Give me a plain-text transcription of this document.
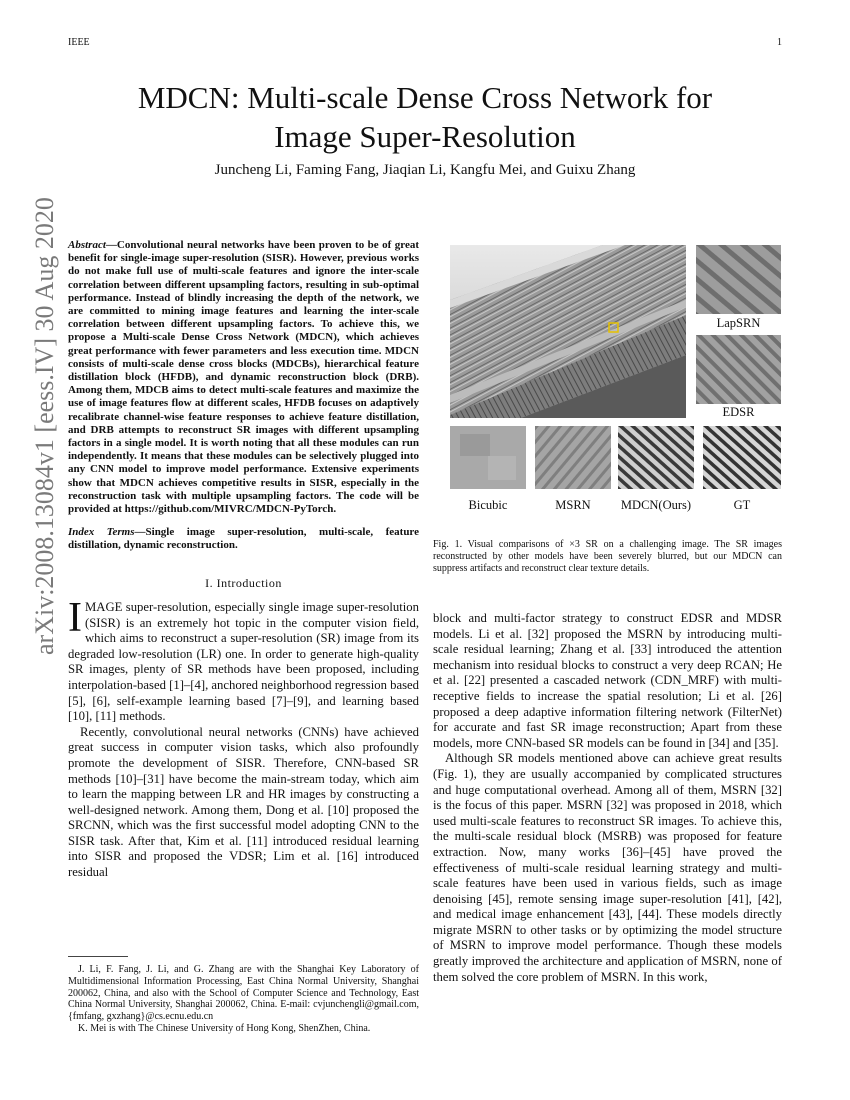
IEEE	1
arXiv:2008.13084v1 [eess.IV] 30 Aug 2020
MDCN: Multi-scale Dense Cross Network for
Image Super-Resolution
Juncheng Li, Faming Fang, Jiaqian Li, Kangfu Mei, and Guixu Zhang

Abstract—Convolutional neural networks have been proven to be of great benefit for single-image super-resolution (SISR). However, previous works do not make full use of multi-scale features and ignore the inter-scale correlation between different upsampling factors, resulting in sub-optimal performance. Instead of blindly increasing the depth of the network, we are committed to mining image features and learning the inter-scale correlation between different upsampling factors. To achieve this, we propose a Multi-scale Dense Cross Network (MDCN), which achieves great performance with fewer parameters and less execution time. MDCN consists of multi-scale dense cross blocks (MDCBs), hierarchical feature distillation block (HFDB), and dynamic reconstruction block (DRB). Among them, MDCB aims to detect multi-scale features and maximize the use of image features flow at different scales, HFDB focuses on adaptively recalibrate channel-wise feature responses to achieve feature distillation, and DRB attempts to reconstruct SR images with different upsampling factors in a single model. It is worth noting that all these modules can run independently. It means that these modules can be selectively plugged into any CNN model to improve model performance. Extensive experiments show that MDCN achieves competitive results in SISR, especially in the reconstruction task with multiple upsampling factors. The code will be provided at https://github.com/MIVRC/MDCN-PyTorch.

Index Terms—Single image super-resolution, multi-scale, feature distillation, dynamic reconstruction.

I. Introduction

IMAGE super-resolution, especially single image super-resolution (SISR) is an extremely hot topic in the computer vision field, which aims to reconstruct a super-resolution (SR) image from its degraded low-resolution (LR) one. In order to generate high-quality SR images, plenty of SR methods have been proposed, including interpolation-based [1]–[4], anchored neighborhood regression based [5], [6], self-example learning based [7]–[9], and learning based [10], [11] methods.

Recently, convolutional neural networks (CNNs) have achieved great success in computer vision tasks, which also profoundly promote the development of SISR. Therefore, CNN-based SR methods [10]–[31] have become the main-stream today, which aim to learn the mapping between LR and HR images by constructing a well-designed network. Among them, Dong et al. [10] proposed the SRCNN, which was the first successful model adopting CNN to the SISR task. After that, Kim et al. [11] introduced residual learning into SISR and proposed the VDSR; Lim et al. [16] introduced residual

J. Li, F. Fang, J. Li, and G. Zhang are with the Shanghai Key Laboratory of Multidimensional Information Processing, East China Normal University, Shanghai 200062, China, and also with the School of Computer Science and Technology, East China Normal University, Shanghai 200062, China. E-mail: cvjunchengli@gmail.com, {fmfang, gxzhang}@cs.ecnu.edu.cn

K. Mei is with The Chinese University of Hong Kong, ShenZhen, China.

LapSRN
EDSR
Bicubic	MSRN	MDCN(Ours)	GT
Fig. 1. Visual comparisons of ×3 SR on a challenging image. The SR images reconstructed by other models have been severely blurred, but our MDCN can suppress artifacts and reconstruct clear texture details.

block and multi-factor strategy to construct EDSR and MDSR models. Li et al. [32] proposed the MSRN by introducing multi-scale residual learning; Zhang et al. [33] introduced the attention mechanism into residual blocks to construct a very deep RCAN; He et al. [22] presented a cascaded network (CDN_MRF) with multi-receptive fields to increase the spatial resolution; Li et al. [26] proposed a deep adaptive information filtering network (FilterNet) for accurate and fast SR image reconstruction; Apart from these models, more CNN-based SR models can be found in [34] and [35].

Although SR models mentioned above can achieve great results (Fig. 1), they are usually accompanied by complicated structures and huge computational overhead. Among all of them, MSRN [32] is the focus of this paper. MSRN [32] was proposed in 2018, which used multi-scale features to reconstruct SR images. To achieve this, the multi-scale residual block (MSRB) was proposed for feature extraction. Now, many works [36]–[45] have proved the effectiveness of multi-scale residual learning strategy and multi-scale features have been used in various fields, such as image denoising [45], remote sensing image super-resolution [41], [42], and medical image enhancement [43], [44]. These models directly migrate MSRN to other tasks or by optimizing the model structure of MSRN to improve model performance. Though these models greatly improved the architecture and application of MSRN, none of them solved the core problem of MSRN. In this work,
